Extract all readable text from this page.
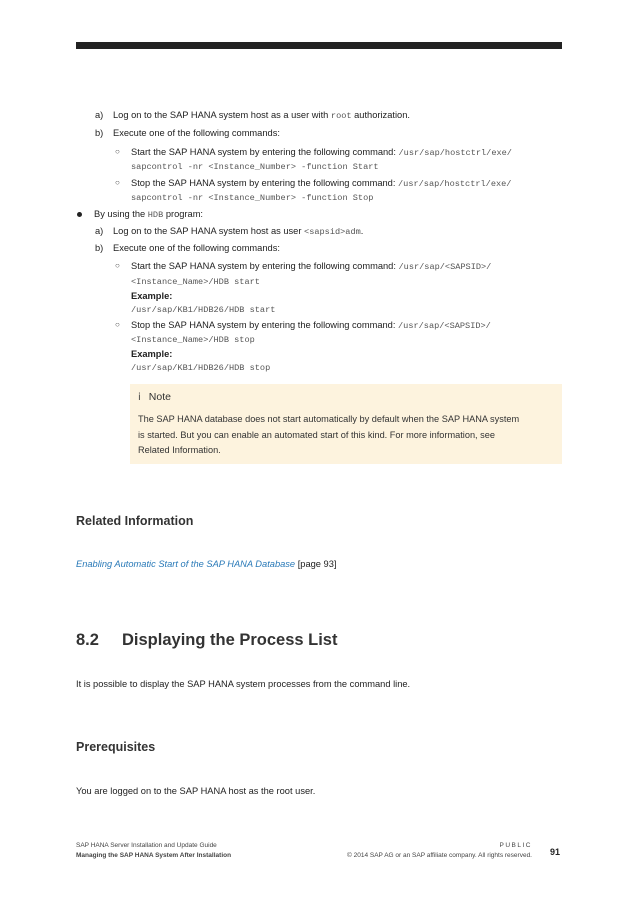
a) Log on to the SAP HANA system host as a user with root authorization.
b) Execute one of the following commands:
○ Start the SAP HANA system by entering the following command: /usr/sap/hostctrl/exe/
sapcontrol -nr <Instance_Number> -function Start
○ Stop the SAP HANA system by entering the following command: /usr/sap/hostctrl/exe/
sapcontrol -nr <Instance_Number> -function Stop
By using the HDB program:
a) Log on to the SAP HANA system host as user <sapsid>adm.
b) Execute one of the following commands:
○ Start the SAP HANA system by entering the following command: /usr/sap/<SAPSID>/
<Instance_Name>/HDB start
Example:
/usr/sap/KB1/HDB26/HDB start
○ Stop the SAP HANA system by entering the following command: /usr/sap/<SAPSID>/
<Instance_Name>/HDB stop
Example:
/usr/sap/KB1/HDB26/HDB stop
i Note
The SAP HANA database does not start automatically by default when the SAP HANA system
is started. But you can enable an automated start of this kind. For more information, see
Related Information.
Related Information
Enabling Automatic Start of the SAP HANA Database [page 93]
8.2 Displaying the Process List
It is possible to display the SAP HANA system processes from the command line.
Prerequisites
You are logged on to the SAP HANA host as the root user.
SAP HANA Server Installation and Update Guide
Managing the SAP HANA System After Installation
PUBLIC
© 2014 SAP AG or an SAP affiliate company. All rights reserved. 91
